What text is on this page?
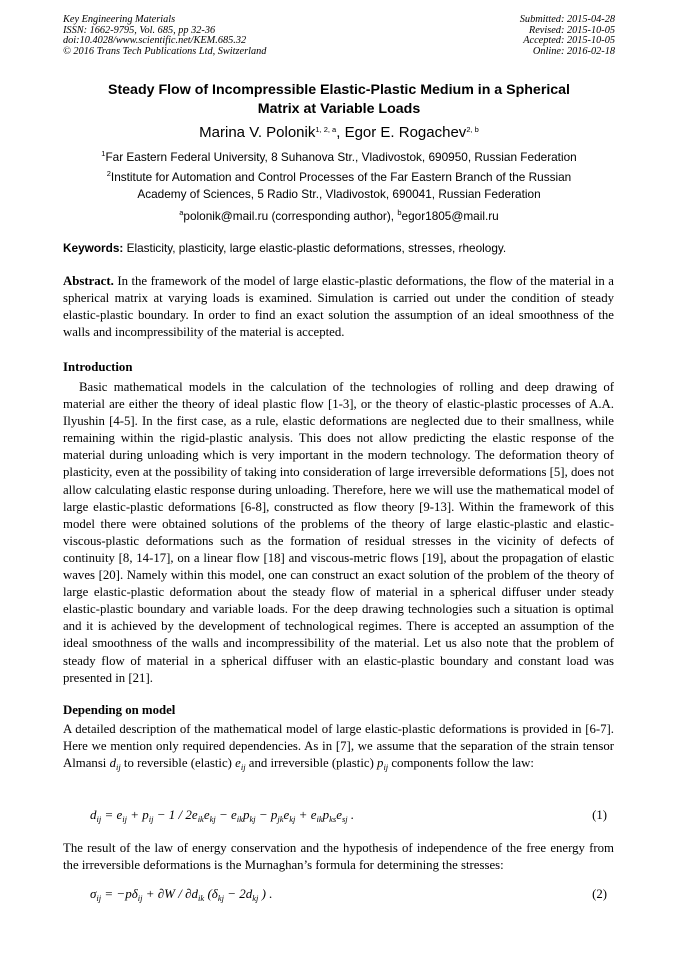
Key Engineering Materials
ISSN: 1662-9795, Vol. 685, pp 32-36
doi:10.4028/www.scientific.net/KEM.685.32
© 2016 Trans Tech Publications Ltd, Switzerland
Submitted: 2015-04-28
Revised: 2015-10-05
Accepted: 2015-10-05
Online: 2016-02-18
Steady Flow of Incompressible Elastic-Plastic Medium in a Spherical
Matrix at Variable Loads
Marina V. Polonik$^{1, 2, a}$, Egor E. Rogachev$^{2, b}$
$^1$Far Eastern Federal University, 8 Suhanova Str., Vladivostok, 690950, Russian Federation
$^2$Institute for Automation and Control Processes of the Far Eastern Branch of the Russian
Academy of Sciences, 5 Radio Str., Vladivostok, 690041, Russian Federation
$^a$polonik@mail.ru (corresponding author), $^b$egor1805@mail.ru
Keywords: Elasticity, plasticity, large elastic-plastic deformations, stresses, rheology.
Abstract. In the framework of the model of large elastic-plastic deformations, the flow of the material in a spherical matrix at varying loads is examined. Simulation is carried out under the condition of steady elastic-plastic boundary. In order to find an exact solution the assumption of an ideal smoothness of the walls and incompressibility of the material is accepted.
Introduction
Basic mathematical models in the calculation of the technologies of rolling and deep drawing of material are either the theory of ideal plastic flow [1-3], or the theory of elastic-plastic processes of A.A. Ilyushin [4-5]. In the first case, as a rule, elastic deformations are neglected due to their smallness, while remaining within the rigid-plastic analysis. This does not allow predicting the elastic response of the material during unloading which is very important in the modern technology. The deformation theory of plasticity, even at the possibility of taking into consideration of large irreversible deformations [5], does not allow calculating elastic response during unloading. Therefore, here we will use the mathematical model of large elastic-plastic deformations [6-8], constructed as flow theory [9-13]. Within the framework of this model there were obtained solutions of the problems of the theory of large elastic-plastic and elastic-viscous-plastic deformations such as the formation of residual stresses in the vicinity of defects of continuity [8, 14-17], on a linear flow [18] and viscous-metric flows [19], about the propagation of elastic waves [20]. Namely within this model, one can construct an exact solution of the problem of the theory of large elastic-plastic deformation about the steady flow of material in a spherical diffuser under steady elastic-plastic boundary and variable loads. For the deep drawing technologies such a situation is optimal and it is achieved by the development of technological regimes. There is accepted an assumption of the ideal smoothness of the walls and incompressibility of the material. Let us also note that the problem of steady flow of material in a spherical diffuser with an elastic-plastic boundary and constant load was presented in [21].
Depending on model
A detailed description of the mathematical model of large elastic-plastic deformations is provided in [6-7]. Here we mention only required dependencies. As in [7], we assume that the separation of the strain tensor Almansi $d_{ij}$ to reversible (elastic) $e_{ij}$ and irreversible (plastic) $p_{ij}$ components follow the law:
$d_{ij} = e_{ij} + p_{ij} - 1 / 2e_{ik}e_{kj} - e_{ik}p_{kj} - p_{jk}e_{kj} + e_{ik}p_{ks}e_{sj}$ .	(1)
The result of the law of energy conservation and the hypothesis of independence of the free energy from the irreversible deformations is the Murnaghan’s formula for determining the stresses:
$\sigma_{ij} = -p\delta_{ij} + \partial W / \partial d_{ik}$ ($\delta_{kj} - 2d_{kj}$ ) .	(2)
